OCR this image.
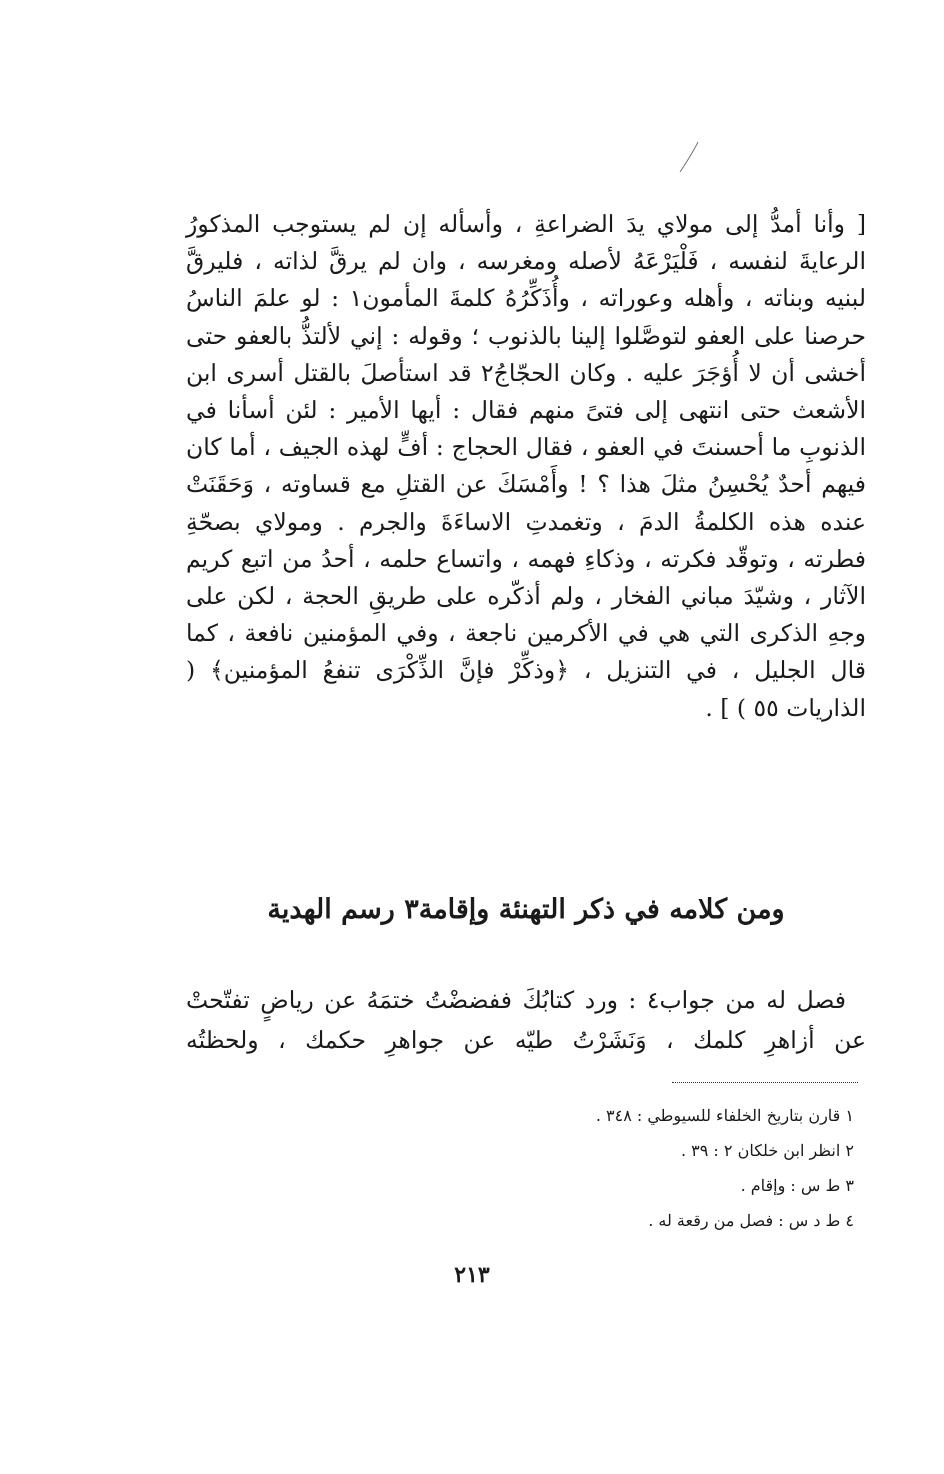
[ وأنا أمدُّ إلى مولاي يدَ الضراعةِ ، وأسأله إن لم يستوجب المذكورُ الرعايةَ لنفسه ، فَلْيَرْعَهُ لأصله ومغرسه ، وان لم يرقَّ لذاته ، فليرقَّ لبنيه وبناته ، وأهله وعوراته ، وأُذَكِّرُهُ كلمةَ المأمون١ : لو علمَ الناسُ حرصنا على العفو لتوصَّلوا إلينا بالذنوب ؛ وقوله : إني لألتذُّ بالعفو حتى أخشى أن لا أُؤجَرَ عليه . وكان الحجّاجُ٢ قد استأصلَ بالقتل أسرى ابن الأشعث حتى انتهى إلى فتىً منهم فقال : أيها الأمير : لئن أسأنا في الذنوبِ ما أحسنتَ في العفو ، فقال الحجاج : أفٍّ لهذه الجيف ، أما كان فيهم أحدٌ يُحْسِنُ مثلَ هذا ؟ ! وأَمْسَكَ عن القتلِ مع قساوته ، وَحَقَنَتْ عنده هذه الكلمةُ الدمَ ، وتغمدتِ الاساءَةَ والجرم . ومولاي بصحّةِ فطرته ، وتوقّد فكرته ، وذكاءِ فهمه ، واتساع حلمه ، أحدُ من اتبع كريم الآثار ، وشيّدَ مباني الفخار ، ولم أذكّره على طريقِ الحجة ، لكن على وجهِ الذكرى التي هي في الأكرمين ناجعة ، وفي المؤمنين نافعة ، كما قال الجليل ، في التنزيل ، ﴿وذكِّرْ فإنَّ الذِّكْرَى تنفعُ المؤمنين﴾ ( الذاريات ٥٥ ) ] .

ومن كلامه في ذكر التهنئة وإقامة٣ رسم الهدية

فصل له من جواب٤ : ورد كتابُكَ ففضضْتُ ختمَهُ عن رياضٍ تفتّحتْ عن أزاهرِ كلمك ، وَنَشَرْتُ طيّه عن جواهرِ حكمك ، ولحظتُه

١ قارن بتاريخ الخلفاء للسيوطي : ٣٤٨ .
٢ انظر ابن خلكان ٢ : ٣٩ .
٣ ط س : وإقام .
٤ ط د س : فصل من رقعة له .
٢١٣
